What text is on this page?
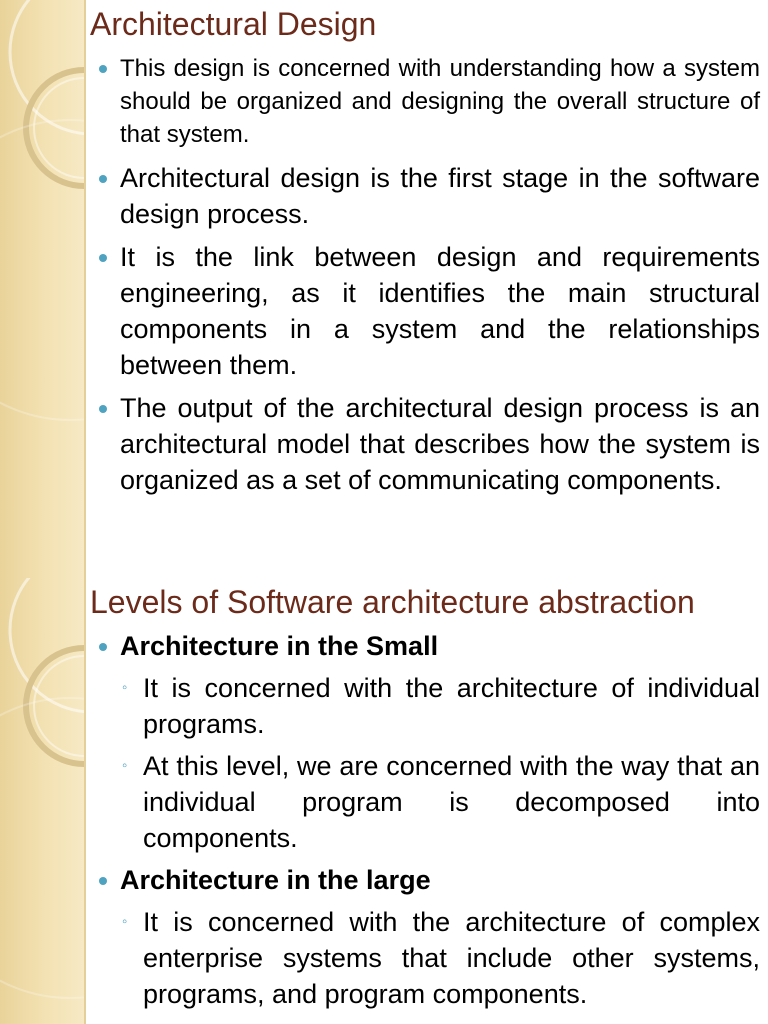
Architectural Design
This design is concerned with understanding how a system should be organized and designing the overall structure of that system.
Architectural design is the first stage in the software design process.
It is the link between design and requirements engineering, as it identifies the main structural components in a system and the relationships between them.
The output of the architectural design process is an architectural model that describes how the system is organized as a set of communicating components.
Levels of Software architecture abstraction
Architecture in the Small
◦ It is concerned with the architecture of individual programs.
◦ At this level, we are concerned with the way that an individual program is decomposed into components.
Architecture in the large
◦ It is concerned with the architecture of complex enterprise systems that include other systems, programs, and program components.
